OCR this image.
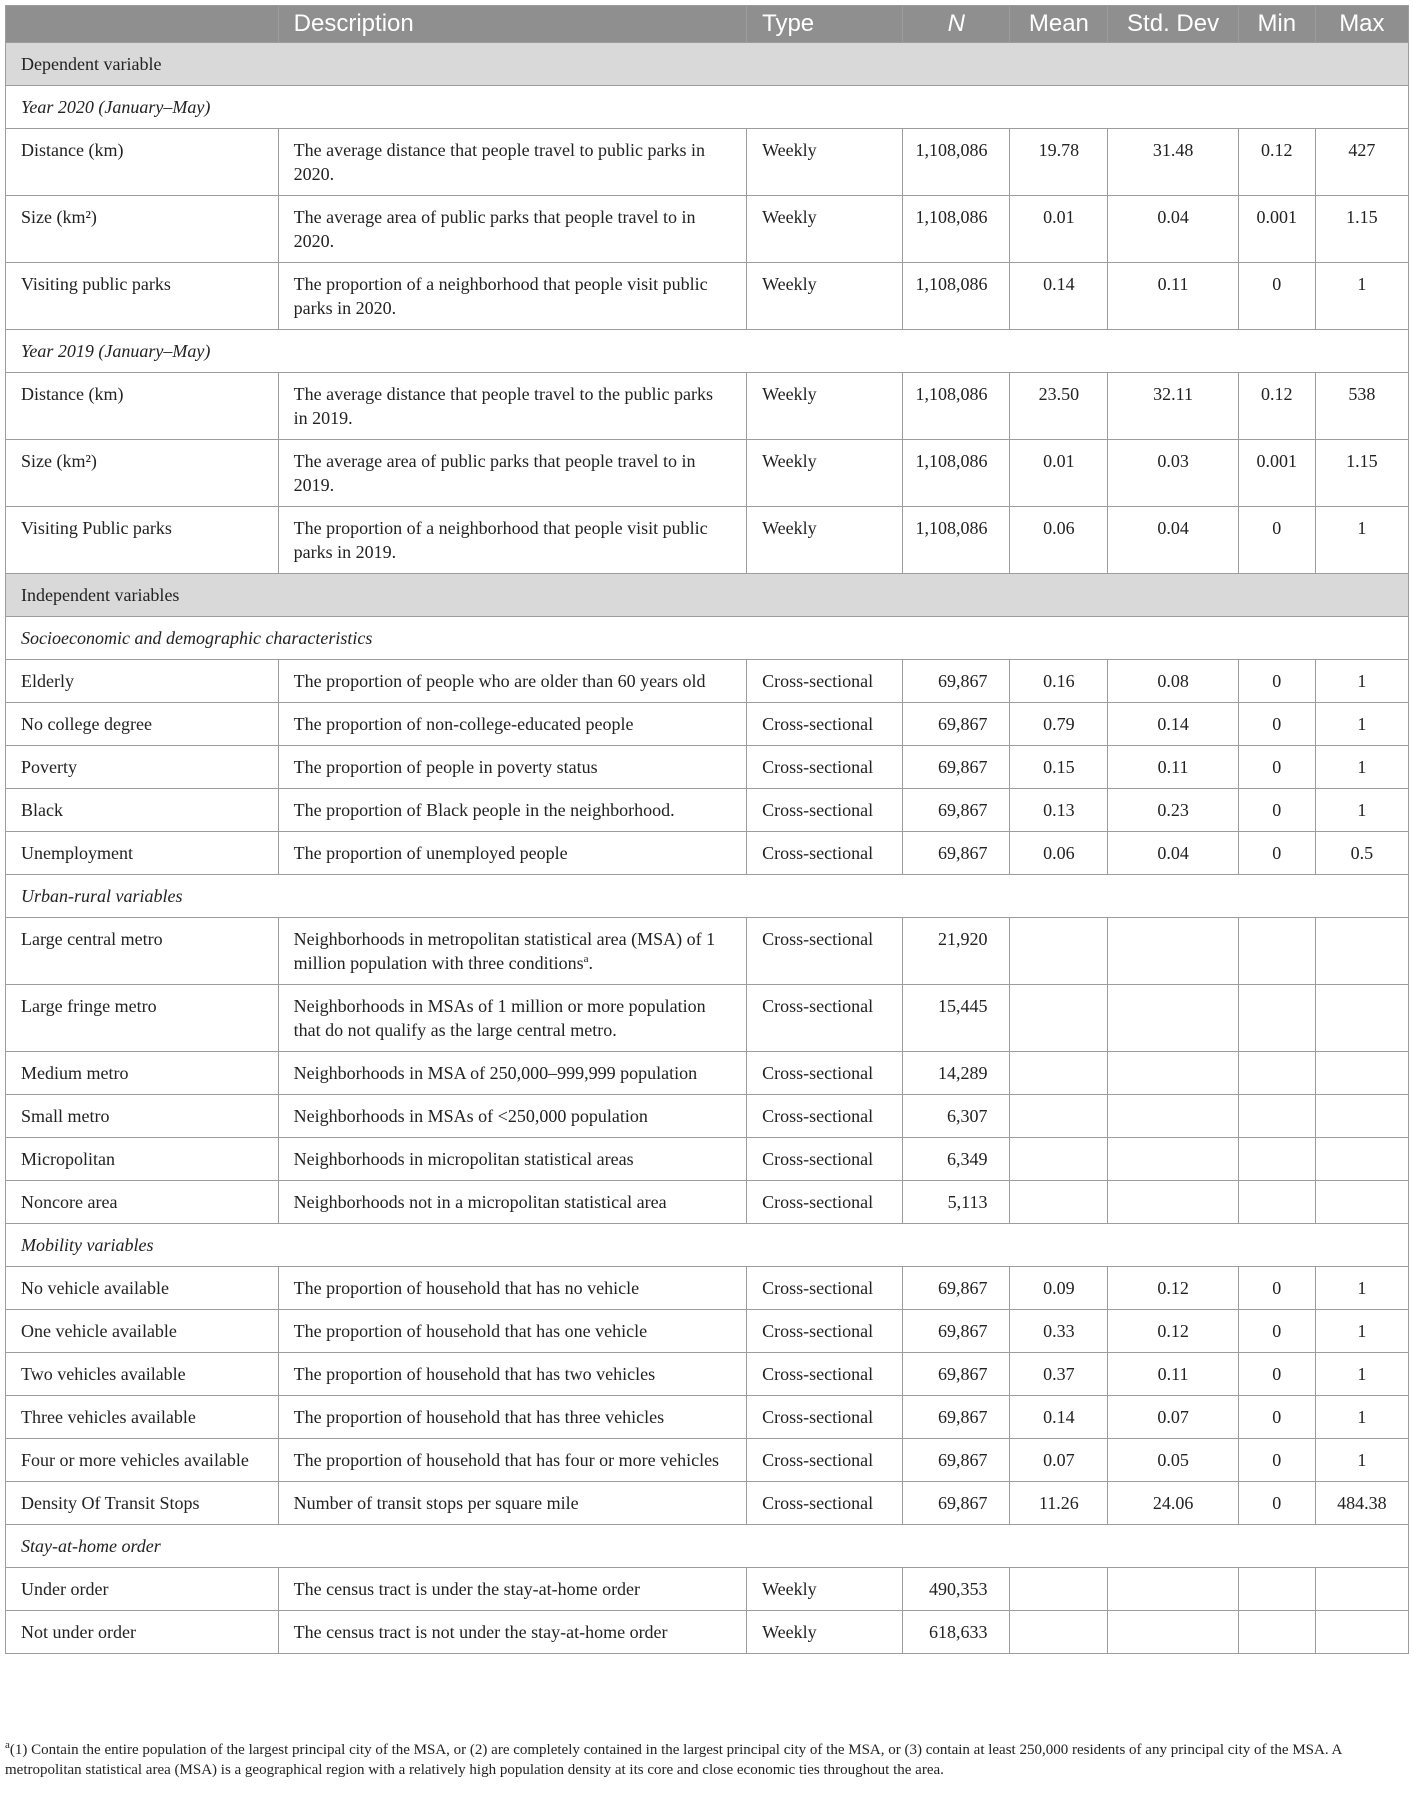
	Description	Type	N	Mean	Std. Dev	Min	Max
Dependent variable							
Year 2020 (January–May)							
Distance (km)	The average distance that people travel to public parks in 2020.	Weekly	1,108,086	19.78	31.48	0.12	427
Size (km²)	The average area of public parks that people travel to in 2020.	Weekly	1,108,086	0.01	0.04	0.001	1.15
Visiting public parks	The proportion of a neighborhood that people visit public parks in 2020.	Weekly	1,108,086	0.14	0.11	0	1
Year 2019 (January–May)							
Distance (km)	The average distance that people travel to the public parks in 2019.	Weekly	1,108,086	23.50	32.11	0.12	538
Size (km²)	The average area of public parks that people travel to in 2019.	Weekly	1,108,086	0.01	0.03	0.001	1.15
Visiting Public parks	The proportion of a neighborhood that people visit public parks in 2019.	Weekly	1,108,086	0.06	0.04	0	1
Independent variables							
Socioeconomic and demographic characteristics							
Elderly	The proportion of people who are older than 60 years old	Cross-sectional	69,867	0.16	0.08	0	1
No college degree	The proportion of non-college-educated people	Cross-sectional	69,867	0.79	0.14	0	1
Poverty	The proportion of people in poverty status	Cross-sectional	69,867	0.15	0.11	0	1
Black	The proportion of Black people in the neighborhood.	Cross-sectional	69,867	0.13	0.23	0	1
Unemployment	The proportion of unemployed people	Cross-sectional	69,867	0.06	0.04	0	0.5
Urban-rural variables							
Large central metro	Neighborhoods in metropolitan statistical area (MSA) of 1 million population with three conditions$^a$.	Cross-sectional	21,920				
Large fringe metro	Neighborhoods in MSAs of 1 million or more population that do not qualify as the large central metro.	Cross-sectional	15,445				
Medium metro	Neighborhoods in MSA of 250,000–999,999 population	Cross-sectional	14,289				
Small metro	Neighborhoods in MSAs of <250,000 population	Cross-sectional	6,307				
Micropolitan	Neighborhoods in micropolitan statistical areas	Cross-sectional	6,349				
Noncore area	Neighborhoods not in a micropolitan statistical area	Cross-sectional	5,113				
Mobility variables							
No vehicle available	The proportion of household that has no vehicle	Cross-sectional	69,867	0.09	0.12	0	1
One vehicle available	The proportion of household that has one vehicle	Cross-sectional	69,867	0.33	0.12	0	1
Two vehicles available	The proportion of household that has two vehicles	Cross-sectional	69,867	0.37	0.11	0	1
Three vehicles available	The proportion of household that has three vehicles	Cross-sectional	69,867	0.14	0.07	0	1
Four or more vehicles available	The proportion of household that has four or more vehicles	Cross-sectional	69,867	0.07	0.05	0	1
Density Of Transit Stops	Number of transit stops per square mile	Cross-sectional	69,867	11.26	24.06	0	484.38
Stay-at-home order							
Under order	The census tract is under the stay-at-home order	Weekly	490,353				
Not under order	The census tract is not under the stay-at-home order	Weekly	618,633				
$^a$(1) Contain the entire population of the largest principal city of the MSA, or (2) are completely contained in the largest principal city of the MSA, or (3) contain at least 250,000 residents of any principal city of the MSA. A metropolitan statistical area (MSA) is a geographical region with a relatively high population density at its core and close economic ties throughout the area.
